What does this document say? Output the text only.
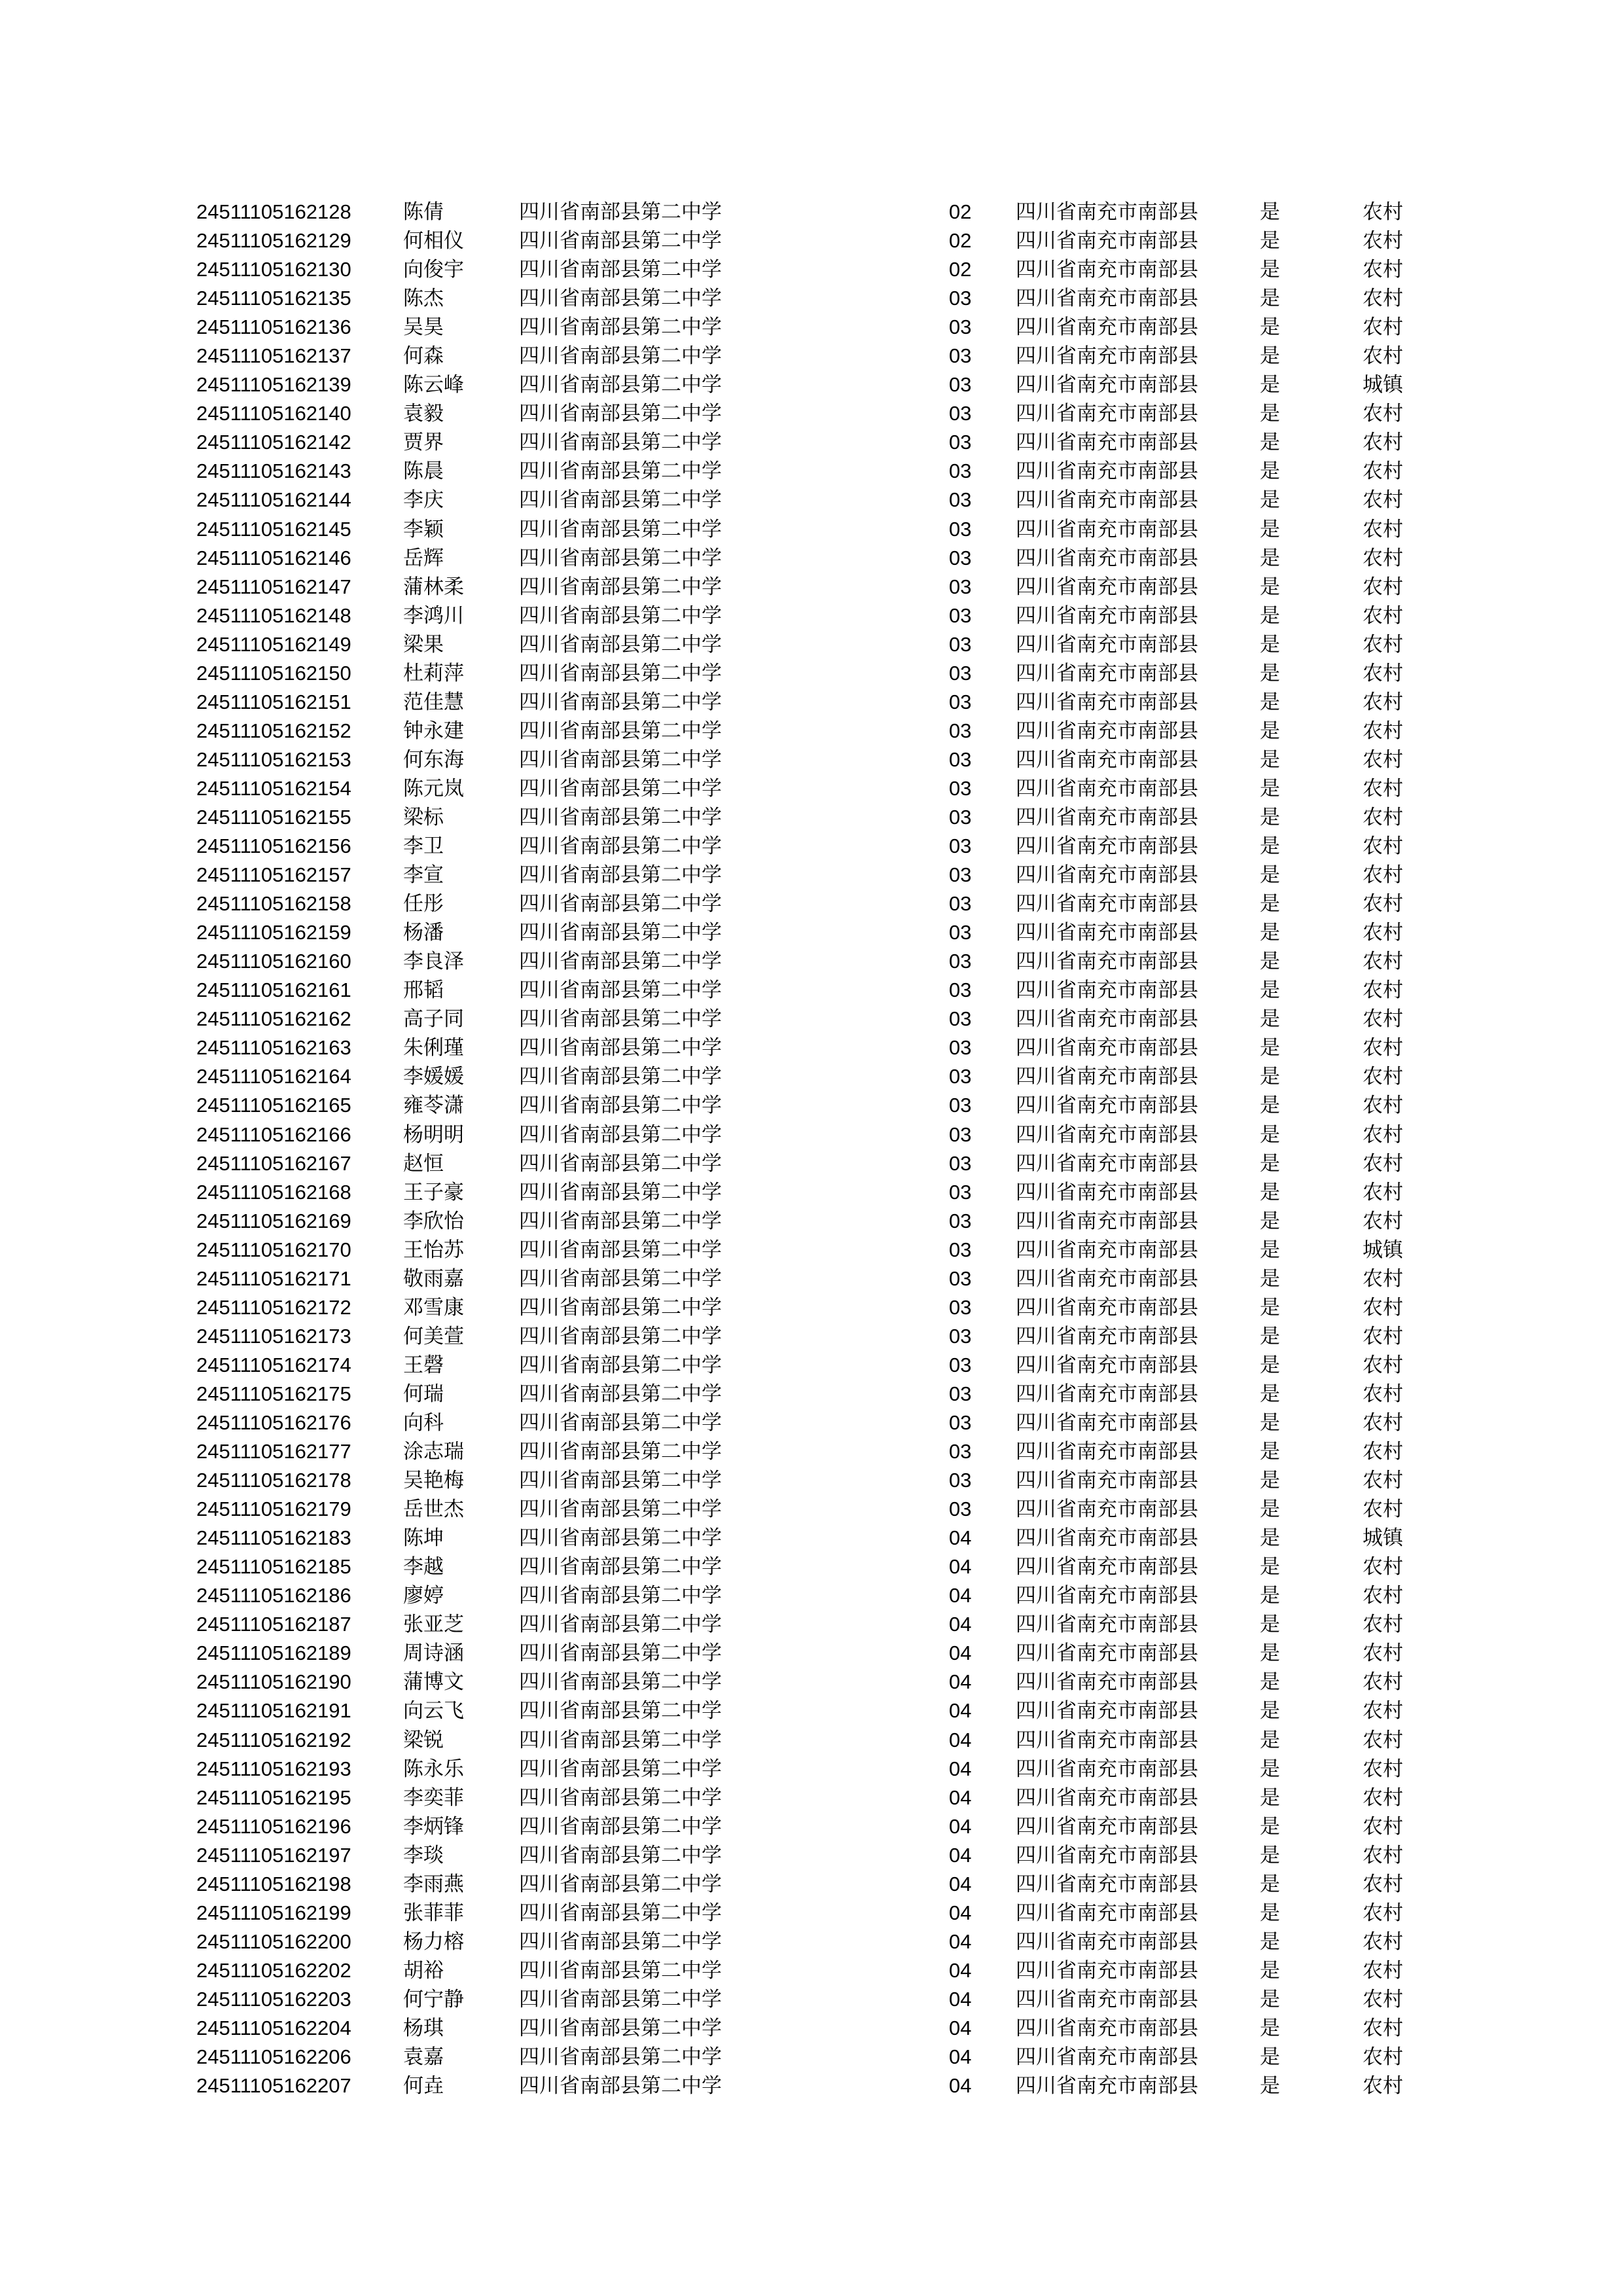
24511105162128	陈倩	四川省南部县第二中学	02	四川省南充市南部县	是	农村
24511105162129	何相仪	四川省南部县第二中学	02	四川省南充市南部县	是	农村
24511105162130	向俊宇	四川省南部县第二中学	02	四川省南充市南部县	是	农村
24511105162135	陈杰	四川省南部县第二中学	03	四川省南充市南部县	是	农村
24511105162136	吴昊	四川省南部县第二中学	03	四川省南充市南部县	是	农村
24511105162137	何森	四川省南部县第二中学	03	四川省南充市南部县	是	农村
24511105162139	陈云峰	四川省南部县第二中学	03	四川省南充市南部县	是	城镇
24511105162140	袁毅	四川省南部县第二中学	03	四川省南充市南部县	是	农村
24511105162142	贾界	四川省南部县第二中学	03	四川省南充市南部县	是	农村
24511105162143	陈晨	四川省南部县第二中学	03	四川省南充市南部县	是	农村
24511105162144	李庆	四川省南部县第二中学	03	四川省南充市南部县	是	农村
24511105162145	李颖	四川省南部县第二中学	03	四川省南充市南部县	是	农村
24511105162146	岳辉	四川省南部县第二中学	03	四川省南充市南部县	是	农村
24511105162147	蒲林柔	四川省南部县第二中学	03	四川省南充市南部县	是	农村
24511105162148	李鸿川	四川省南部县第二中学	03	四川省南充市南部县	是	农村
24511105162149	梁果	四川省南部县第二中学	03	四川省南充市南部县	是	农村
24511105162150	杜莉萍	四川省南部县第二中学	03	四川省南充市南部县	是	农村
24511105162151	范佳慧	四川省南部县第二中学	03	四川省南充市南部县	是	农村
24511105162152	钟永建	四川省南部县第二中学	03	四川省南充市南部县	是	农村
24511105162153	何东海	四川省南部县第二中学	03	四川省南充市南部县	是	农村
24511105162154	陈元岚	四川省南部县第二中学	03	四川省南充市南部县	是	农村
24511105162155	梁标	四川省南部县第二中学	03	四川省南充市南部县	是	农村
24511105162156	李卫	四川省南部县第二中学	03	四川省南充市南部县	是	农村
24511105162157	李宣	四川省南部县第二中学	03	四川省南充市南部县	是	农村
24511105162158	任彤	四川省南部县第二中学	03	四川省南充市南部县	是	农村
24511105162159	杨潘	四川省南部县第二中学	03	四川省南充市南部县	是	农村
24511105162160	李良泽	四川省南部县第二中学	03	四川省南充市南部县	是	农村
24511105162161	邢韬	四川省南部县第二中学	03	四川省南充市南部县	是	农村
24511105162162	高子同	四川省南部县第二中学	03	四川省南充市南部县	是	农村
24511105162163	朱俐瑾	四川省南部县第二中学	03	四川省南充市南部县	是	农村
24511105162164	李媛媛	四川省南部县第二中学	03	四川省南充市南部县	是	农村
24511105162165	雍苓潇	四川省南部县第二中学	03	四川省南充市南部县	是	农村
24511105162166	杨明明	四川省南部县第二中学	03	四川省南充市南部县	是	农村
24511105162167	赵恒	四川省南部县第二中学	03	四川省南充市南部县	是	农村
24511105162168	王子豪	四川省南部县第二中学	03	四川省南充市南部县	是	农村
24511105162169	李欣怡	四川省南部县第二中学	03	四川省南充市南部县	是	农村
24511105162170	王怡苏	四川省南部县第二中学	03	四川省南充市南部县	是	城镇
24511105162171	敬雨嘉	四川省南部县第二中学	03	四川省南充市南部县	是	农村
24511105162172	邓雪康	四川省南部县第二中学	03	四川省南充市南部县	是	农村
24511105162173	何美萱	四川省南部县第二中学	03	四川省南充市南部县	是	农村
24511105162174	王磬	四川省南部县第二中学	03	四川省南充市南部县	是	农村
24511105162175	何瑞	四川省南部县第二中学	03	四川省南充市南部县	是	农村
24511105162176	向科	四川省南部县第二中学	03	四川省南充市南部县	是	农村
24511105162177	涂志瑞	四川省南部县第二中学	03	四川省南充市南部县	是	农村
24511105162178	吴艳梅	四川省南部县第二中学	03	四川省南充市南部县	是	农村
24511105162179	岳世杰	四川省南部县第二中学	03	四川省南充市南部县	是	农村
24511105162183	陈坤	四川省南部县第二中学	04	四川省南充市南部县	是	城镇
24511105162185	李越	四川省南部县第二中学	04	四川省南充市南部县	是	农村
24511105162186	廖婷	四川省南部县第二中学	04	四川省南充市南部县	是	农村
24511105162187	张亚芝	四川省南部县第二中学	04	四川省南充市南部县	是	农村
24511105162189	周诗涵	四川省南部县第二中学	04	四川省南充市南部县	是	农村
24511105162190	蒲博文	四川省南部县第二中学	04	四川省南充市南部县	是	农村
24511105162191	向云飞	四川省南部县第二中学	04	四川省南充市南部县	是	农村
24511105162192	梁锐	四川省南部县第二中学	04	四川省南充市南部县	是	农村
24511105162193	陈永乐	四川省南部县第二中学	04	四川省南充市南部县	是	农村
24511105162195	李奕菲	四川省南部县第二中学	04	四川省南充市南部县	是	农村
24511105162196	李炳锋	四川省南部县第二中学	04	四川省南充市南部县	是	农村
24511105162197	李琰	四川省南部县第二中学	04	四川省南充市南部县	是	农村
24511105162198	李雨燕	四川省南部县第二中学	04	四川省南充市南部县	是	农村
24511105162199	张菲菲	四川省南部县第二中学	04	四川省南充市南部县	是	农村
24511105162200	杨力榕	四川省南部县第二中学	04	四川省南充市南部县	是	农村
24511105162202	胡裕	四川省南部县第二中学	04	四川省南充市南部县	是	农村
24511105162203	何宁静	四川省南部县第二中学	04	四川省南充市南部县	是	农村
24511105162204	杨琪	四川省南部县第二中学	04	四川省南充市南部县	是	农村
24511105162206	袁嘉	四川省南部县第二中学	04	四川省南充市南部县	是	农村
24511105162207	何垚	四川省南部县第二中学	04	四川省南充市南部县	是	农村
